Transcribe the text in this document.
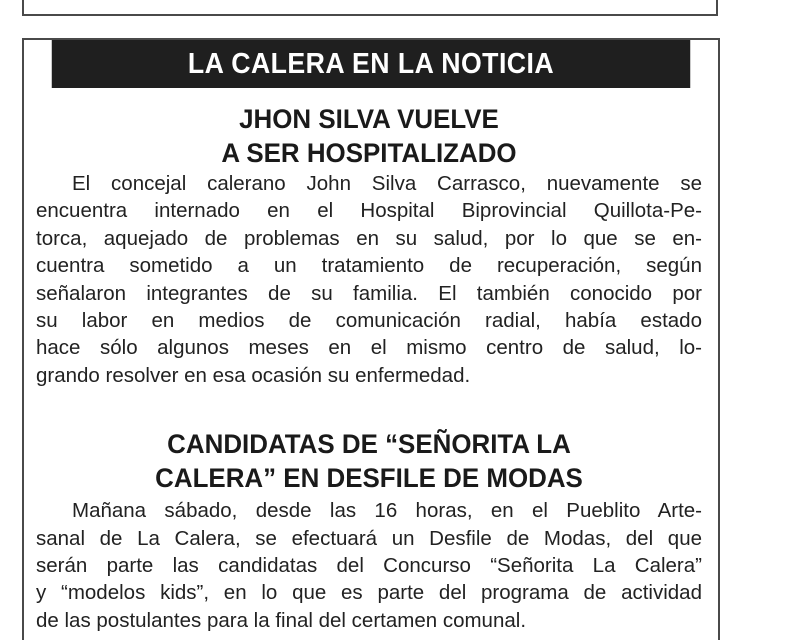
LA CALERA EN LA NOTICIA
JHON SILVA VUELVE
A SER HOSPITALIZADO
El concejal calerano John Silva Carrasco, nuevamente se
encuentra internado en el Hospital Biprovincial Quillota-Pe-
torca, aquejado de problemas en su salud, por lo que se en-
cuentra sometido a un tratamiento de recuperación, según
señalaron integrantes de su familia. El también conocido por
su labor en medios de comunicación radial, había estado
hace sólo algunos meses en el mismo centro de salud, lo-
grando resolver en esa ocasión su enfermedad.
CANDIDATAS DE “SEÑORITA LA
CALERA” EN DESFILE DE MODAS
Mañana sábado, desde las 16 horas, en el Pueblito Arte-
sanal de La Calera, se efectuará un Desfile de Modas, del que
serán parte las candidatas del Concurso “Señorita La Calera”
y “modelos kids”, en lo que es parte del programa de actividad
de las postulantes para la final del certamen comunal.
